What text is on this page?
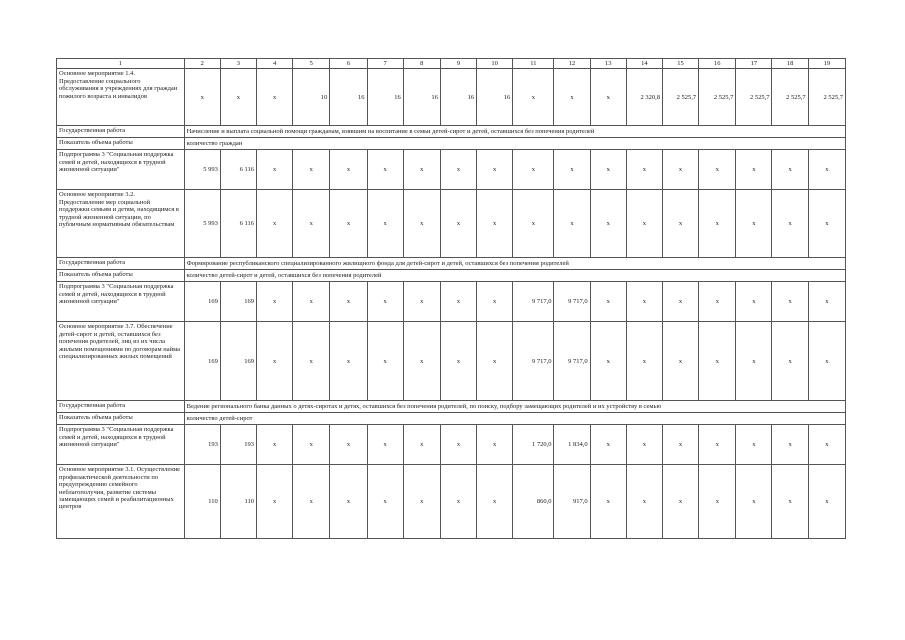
1	2	3	4	5	6	7	8	9	10	11	12	13	14	15	16	17	18	19
Основное мероприятие 1.4. Предоставление социального обслуживания в учреждениях для граждан пожилого возраста и инвалидов	x	x	x	10	16	16	16	16	16	x	x	x	2 320,8	2 525,7	2 525,7	2 525,7	2 525,7	2 525,7
Государственная работа	Начисление и выплата социальной помощи гражданам, взявшим на воспитание в семьи детей-сирот и детей, оставшихся без попечения родителей																	
Показатель объема работы	количество граждан																	
Подпрограмма 3 "Социальная поддержка семей и детей, находящихся в трудной жизненной ситуации"	5 993	6 116	x	x	x	x	x	x	x	x	x	x	x	x	x	x	x	x
Основное мероприятие 3.2. Предоставление мер социальной поддержки семьям и детям, находящимся в трудной жизненной ситуации, по публичным нормативным обязательствам	5 993	6 116	x	x	x	x	x	x	x	x	x	x	x	x	x	x	x	x
Государственная работа	Формирование республиканского специализированного жилищного фонда для детей-сирот и детей, оставшихся без попечения родителей																	
Показатель объема работы	количество детей-сирот и детей, оставшихся без попечения родителей																	
Подпрограмма 3 "Социальная поддержка семей и детей, находящихся в трудной жизненной ситуации"	169	169	x	x	x	x	x	x	x	9 717,0	9 717,0	x	x	x	x	x	x	x
Основное мероприятие 3.7. Обеспечение детей-сирот и детей, оставшихся без попечения родителей, лиц из их числа жилыми помещениями по договорам найма специализированных жилых помещений	169	169	x	x	x	x	x	x	x	9 717,0	9 717,0	x	x	x	x	x	x	x
Государственная работа	Ведение регионального банка данных о детях-сиротах и детях, оставшихся без попечения родителей, по поиску, подбору замещающих родителей и их устройству в семью																	
Показатель объема работы	количество детей-сирот																	
Подпрограмма 3 "Социальная поддержка семей и детей, находящихся в трудной жизненной ситуации"	193	193	x	x	x	x	x	x	x	1 720,0	1 834,0	x	x	x	x	x	x	x
Основное мероприятие 3.1. Осуществление профилактической деятельности по предупреждению семейного неблагополучия, развитие системы замещающих семей и реабилитационных центров	110	110	x	x	x	x	x	x	x	860,0	917,0	x	x	x	x	x	x	x
